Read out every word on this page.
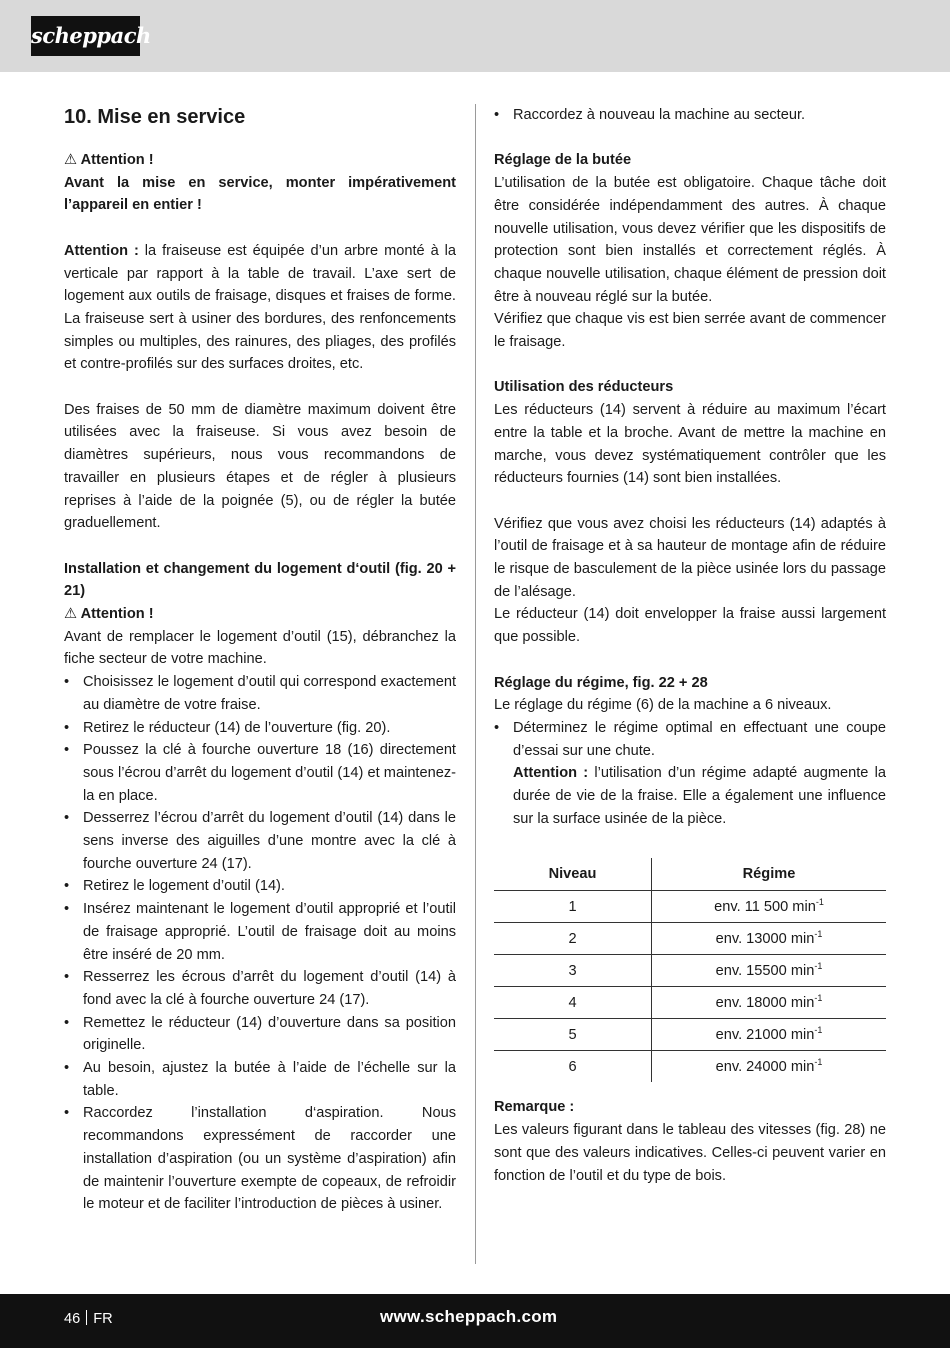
scheppach
10. Mise en service

⚠ Attention !

Avant la mise en service, monter impérativement l’appareil en entier !

Attention : la fraiseuse est équipée d’un arbre monté à la verticale par rapport à la table de travail. L’axe sert de logement aux outils de fraisage, disques et fraises de forme. La fraiseuse sert à usiner des bordures, des renfoncements simples ou multiples, des rainures, des pliages, des profilés et contre-profilés sur des surfaces droites, etc.

Des fraises de 50 mm de diamètre maximum doivent être utilisées avec la fraiseuse. Si vous avez besoin de diamètres supérieurs, nous vous recommandons de travailler en plusieurs étapes et de régler à plusieurs reprises à l’aide de la poignée (5), ou de régler la butée graduellement.

Installation et changement du logement d‘outil (fig. 20 + 21)

⚠ Attention !

Avant de remplacer le logement d’outil (15), débranchez la fiche secteur de votre machine.

• Choisissez le logement d’outil qui correspond exactement au diamètre de votre fraise.
• Retirez le réducteur (14) de l’ouverture (fig. 20).
• Poussez la clé à fourche ouverture 18 (16) directement sous l’écrou d’arrêt du logement d’outil (14) et maintenez-la en place.
• Desserrez l’écrou d’arrêt du logement d’outil (14) dans le sens inverse des aiguilles d’une montre avec la clé à fourche ouverture 24 (17).
• Retirez le logement d’outil (14).
• Insérez maintenant le logement d’outil approprié et l’outil de fraisage approprié. L’outil de fraisage doit au moins être inséré de 20 mm.
• Resserrez les écrous d’arrêt du logement d’outil (14) à fond avec la clé à fourche ouverture 24 (17).
• Remettez le réducteur (14) d’ouverture dans sa position originelle.
• Au besoin, ajustez la butée à l’aide de l’échelle sur la table.
• Raccordez l’installation d‘aspiration. Nous recommandons expressément de raccorder une installation d’aspiration (ou un système d’aspiration) afin de maintenir l’ouverture exempte de copeaux, de refroidir le moteur et de faciliter l’introduction de pièces à usiner.
• Raccordez à nouveau la machine au secteur.

Réglage de la butée

L’utilisation de la butée est obligatoire. Chaque tâche doit être considérée indépendamment des autres. À chaque nouvelle utilisation, vous devez vérifier que les dispositifs de protection sont bien installés et correctement réglés. À chaque nouvelle utilisation, chaque élément de pression doit être à nouveau réglé sur la butée.

Vérifiez que chaque vis est bien serrée avant de commencer le fraisage.

Utilisation des réducteurs

Les réducteurs (14) servent à réduire au maximum l’écart entre la table et la broche. Avant de mettre la machine en marche, vous devez systématiquement contrôler que les réducteurs fournies (14) sont bien installées.

Vérifiez que vous avez choisi les réducteurs (14) adaptés à l’outil de fraisage et à sa hauteur de montage afin de réduire le risque de basculement de la pièce usinée lors du passage de l’alésage.

Le réducteur (14) doit envelopper la fraise aussi largement que possible.

Réglage du régime, fig. 22 + 28

Le réglage du régime (6) de la machine a 6 niveaux.

• Déterminez le régime optimal en effectuant une coupe d’essai sur une chute.
Attention : l’utilisation d’un régime adapté augmente la durée de vie de la fraise. Elle a également une influence sur la surface usinée de la pièce.
Niveau	Régime
1	env. 11 500 $\min^{-1}$
2	env. 13000 $\min^{-1}$
3	env. 15500 $\min^{-1}$
4	env. 18000 $\min^{-1}$
5	env. 21000 $\min^{-1}$
6	env. 24000 $\min^{-1}$

Remarque :

Les valeurs figurant dans le tableau des vitesses (fig. 28) ne sont que des valeurs indicatives. Celles-ci peuvent varier en fonction de l’outil et du type de bois.

46 FR	www.scheppach.com
